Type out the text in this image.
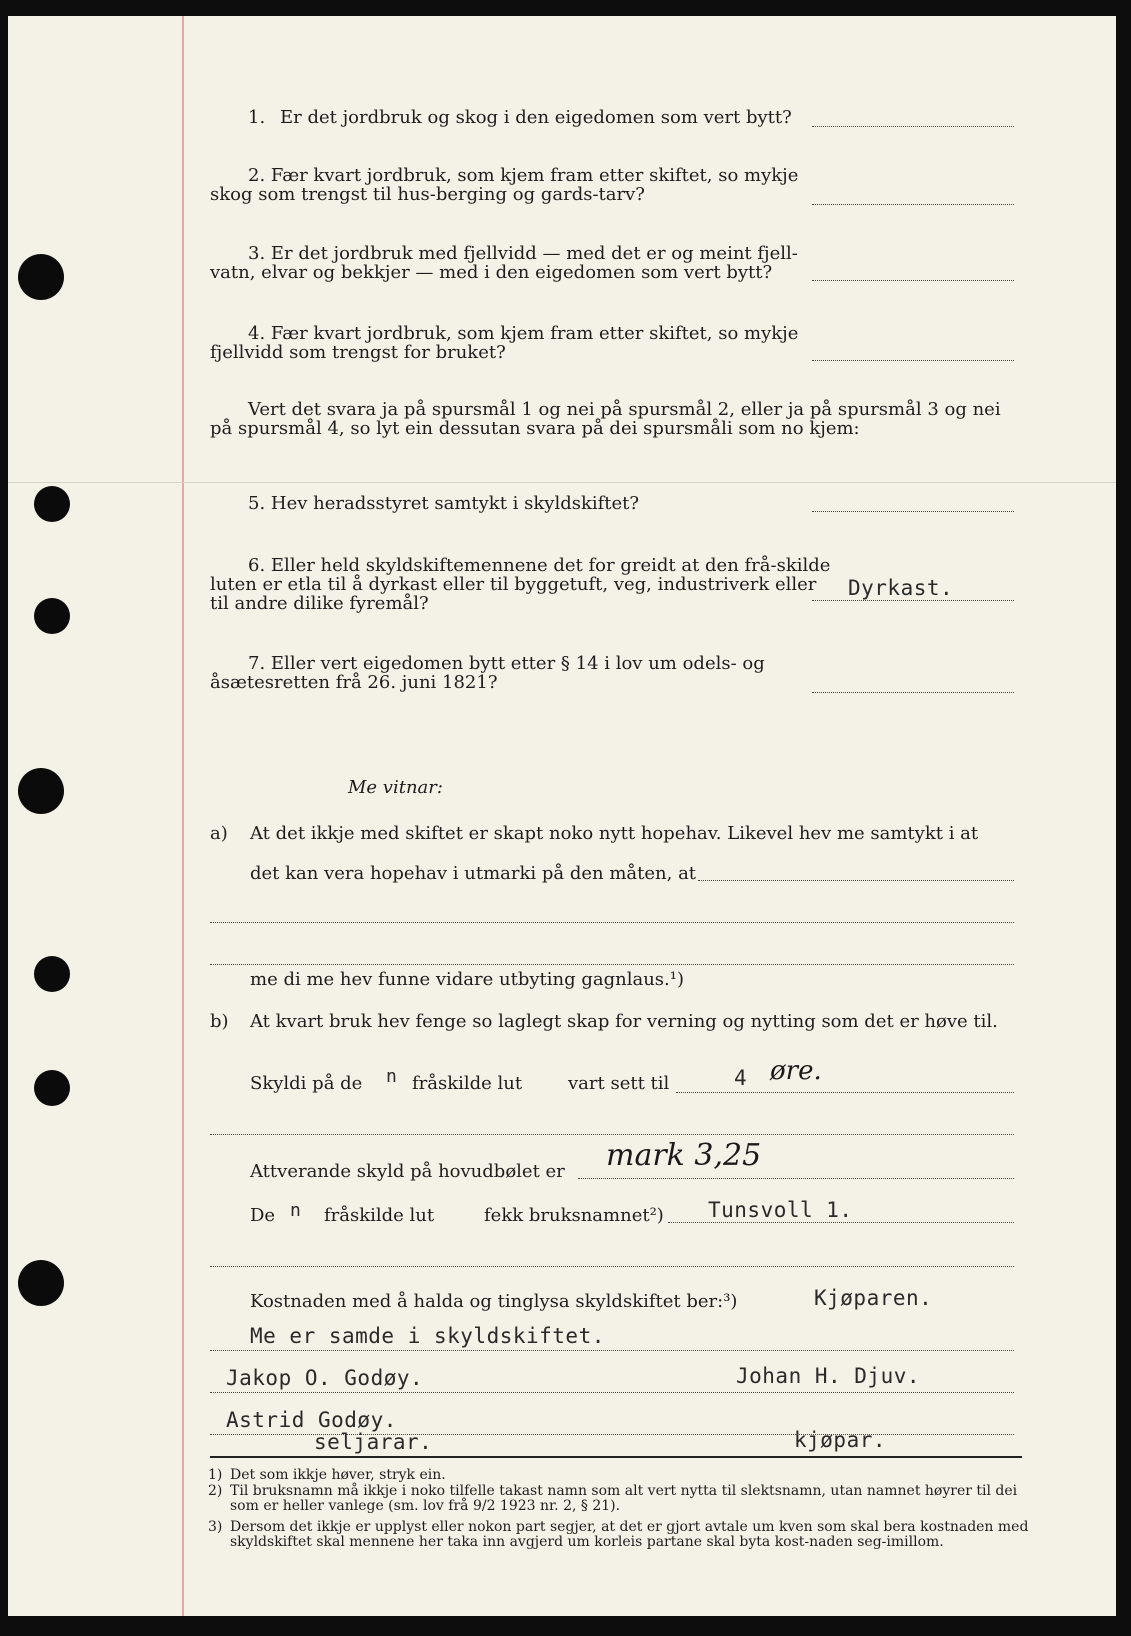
1. Er det jordbruk og skog i den eigedomen som vert bytt?
2. Fær kvart jordbruk, som kjem fram etter skiftet, so mykje skog som trengst til hus-berging og gards-tarv?
3. Er det jordbruk med fjellvidd — med det er og meint fjell-vatn, elvar og bekkjer — med i den eigedomen som vert bytt?
4. Fær kvart jordbruk, som kjem fram etter skiftet, so mykje fjellvidd som trengst for bruket?
Vert det svara ja på spursmål 1 og nei på spursmål 2, eller ja på spursmål 3 og nei på spursmål 4, so lyt ein dessutan svara på dei spursmåli som no kjem:
5. Hev heradsstyret samtykt i skyldskiftet?
6. Eller held skyldskiftemennene det for greidt at den frå-skilde luten er etla til å dyrkast eller til byggetuft, veg, industriverk eller til andre dilike fyremål?
Dyrkast.
7. Eller vert eigedomen bytt etter § 14 i lov um odels- og åsætesretten frå 26. juni 1821?
Me vitnar:
a) At det ikkje med skiftet er skapt noko nytt hopehav. Likevel hev me samtykt i at
det kan vera hopehav i utmarki på den måten, at
me di me hev funne vidare utbyting gagnlaus.¹)
b) At kvart bruk hev fenge so laglegt skap for verning og nytting som det er høve til.
Skyldi på de n fråskilde lut	vart sett til	4 øre.
Attverande skyld på hovudbølet er mark 3,25
De n fråskilde lut	fekk bruksnamnet²) Tunsvoll 1.
Kostnaden med å halda og tinglysa skyldskiftet ber:³)	Kjøparen.
Me er samde i skyldskiftet.
Jakop O. Godøy.	Johan H. Djuv.
Astrid Godøy.
seljarar.	kjøpar.
1) Det som ikkje høver, stryk ein.
2) Til bruksnamn må ikkje i noko tilfelle takast namn som alt vert nytta til slektsnamn, utan namnet høyrer til dei som er heller vanlege (sm. lov frå 9/2 1923 nr. 2, § 21).
3) Dersom det ikkje er upplyst eller nokon part segjer, at det er gjort avtale um kven som skal bera kostnaden med skyldskiftet skal mennene her taka inn avgjerd um korleis partane skal byta kost-naden seg-imillom.
